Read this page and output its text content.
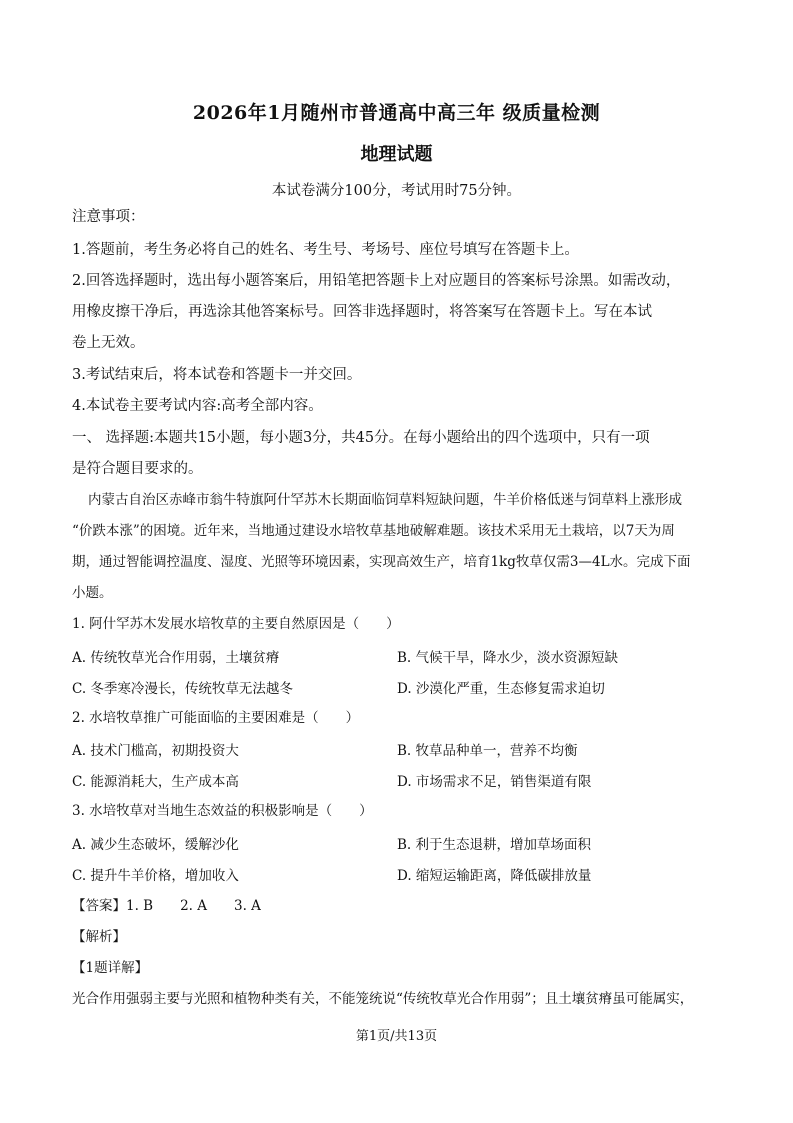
2026年1月随州市普通高中高三年 级质量检测
地理试题
本试卷满分100分，考试用时75分钟。
注意事项：
1.答题前，考生务必将自己的姓名、考生号、考场号、座位号填写在答题卡上。
2.回答选择题时，选出每小题答案后，用铅笔把答题卡上对应题目的答案标号涂黑。如需改动，
用橡皮擦干净后，再选涂其他答案标号。回答非选择题时，将答案写在答题卡上。写在本试
卷上无效。
3.考试结束后，将本试卷和答题卡一并交回。
4.本试卷主要考试内容:高考全部内容。
一、 选择题:本题共15小题，每小题3分，共45分。在每小题给出的四个选项中，只有一项
是符合题目要求的。
内蒙古自治区赤峰市翁牛特旗阿什罕苏木长期面临饲草料短缺问题，牛羊价格低迷与饲草料上涨形成
“价跌本涨”的困境。近年来，当地通过建设水培牧草基地破解难题。该技术采用无土栽培，以7天为周
期，通过智能调控温度、湿度、光照等环境因素，实现高效生产，培育1kg牧草仅需3—4L水。完成下面
小题。
1. 阿什罕苏木发展水培牧草的主要自然原因是（　　）
A. 传统牧草光合作用弱，土壤贫瘠	B. 气候干旱，降水少，淡水资源短缺
C. 冬季寒冷漫长，传统牧草无法越冬	D. 沙漠化严重，生态修复需求迫切
2. 水培牧草推广可能面临的主要困难是（　　）
A. 技术门槛高，初期投资大	B. 牧草品种单一，营养不均衡
C. 能源消耗大，生产成本高	D. 市场需求不足，销售渠道有限
3. 水培牧草对当地生态效益的积极影响是（　　）
A. 减少生态破坏，缓解沙化	B. 利于生态退耕，增加草场面积
C. 提升牛羊价格，增加收入	D. 缩短运输距离，降低碳排放量
【答案】1. B　　2. A　　3. A
【解析】
【1题详解】
光合作用强弱主要与光照和植物种类有关，不能笼统说“传统牧草光合作用弱”；且土壤贫瘠虽可能属实，
第1页/共13页
